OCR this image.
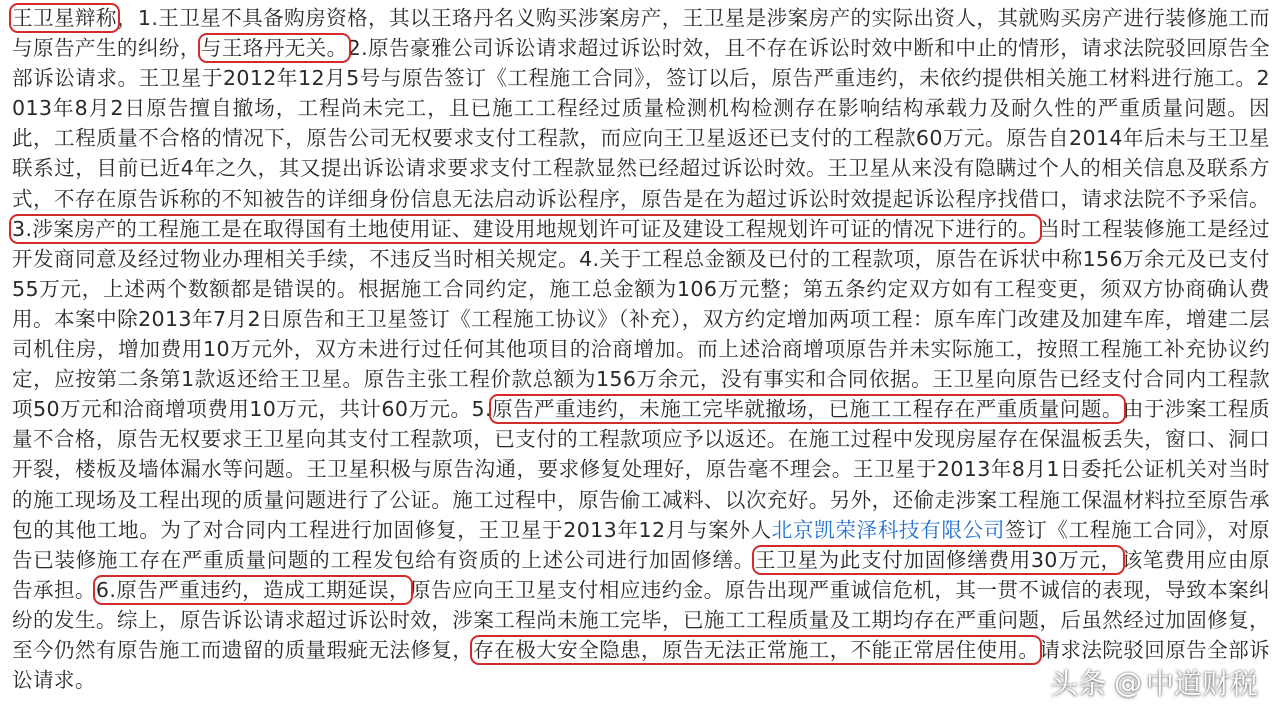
王卫星辩称，1.王卫星不具备购房资格，其以王珞丹名义购买涉案房产，王卫星是涉案房产的实际出资人，其就购买房产进行装修施工而与原告产生的纠纷，与王珞丹无关。2.原告豪雅公司诉讼请求超过诉讼时效，且不存在诉讼时效中断和中止的情形，请求法院驳回原告全部诉讼请求。王卫星于2012年12月5号与原告签订《工程施工合同》，签订以后，原告严重违约，未依约提供相关施工材料进行施工。2013年8月2日原告擅自撤场，工程尚未完工，且已施工工程经过质量检测机构检测存在影响结构承载力及耐久性的严重质量问题。因此，工程质量不合格的情况下，原告公司无权要求支付工程款，而应向王卫星返还已支付的工程款60万元。原告自2014年后未与王卫星联系过，目前已近4年之久，其又提出诉讼请求要求支付工程款显然已经超过诉讼时效。王卫星从来没有隐瞒过个人的相关信息及联系方式，不存在原告诉称的不知被告的详细身份信息无法启动诉讼程序，原告是在为超过诉讼时效提起诉讼程序找借口，请求法院不予采信。3.涉案房产的工程施工是在取得国有土地使用证、建设用地规划许可证及建设工程规划许可证的情况下进行的。当时工程装修施工是经过开发商同意及经过物业办理相关手续，不违反当时相关规定。4.关于工程总金额及已付的工程款项，原告在诉状中称156万余元及已支付55万元，上述两个数额都是错误的。根据施工合同约定，施工总金额为106万元整；第五条约定双方如有工程变更，须双方协商确认费用。本案中除2013年7月2日原告和王卫星签订《工程施工协议》（补充），双方约定增加两项工程：原车库门改建及加建车库，增建二层司机住房，增加费用10万元外，双方未进行过任何其他项目的洽商增加。而上述洽商增项原告并未实际施工，按照工程施工补充协议约定，应按第二条第1款返还给王卫星。原告主张工程价款总额为156万余元，没有事实和合同依据。王卫星向原告已经支付合同内工程款项50万元和洽商增项费用10万元，共计60万元。5.原告严重违约，未施工完毕就撤场，已施工工程存在严重质量问题。由于涉案工程质量不合格，原告无权要求王卫星向其支付工程款项，已支付的工程款项应予以返还。在施工过程中发现房屋存在保温板丢失，窗口、洞口开裂，楼板及墙体漏水等问题。王卫星积极与原告沟通，要求修复处理好，原告毫不理会。王卫星于2013年8月1日委托公证机关对当时的施工现场及工程出现的质量问题进行了公证。施工过程中，原告偷工减料、以次充好。另外，还偷走涉案工程施工保温材料拉至原告承包的其他工地。为了对合同内工程进行加固修复，王卫星于2013年12月与案外人北京凯荣泽科技有限公司签订《工程施工合同》，对原告已装修施工存在严重质量问题的工程发包给有资质的上述公司进行加固修缮。王卫星为此支付加固修缮费用30万元，该笔费用应由原告承担。6.原告严重违约，造成工期延误，原告应向王卫星支付相应违约金。原告出现严重诚信危机，其一贯不诚信的表现，导致本案纠纷的发生。综上，原告诉讼请求超过诉讼时效，涉案工程尚未施工完毕，已施工工程质量及工期均存在严重问题，后虽然经过加固修复，至今仍然有原告施工而遗留的质量瑕疵无法修复，存在极大安全隐患，原告无法正常施工，不能正常居住使用。请求法院驳回原告全部诉讼请求。	头条 @ 中道财税
